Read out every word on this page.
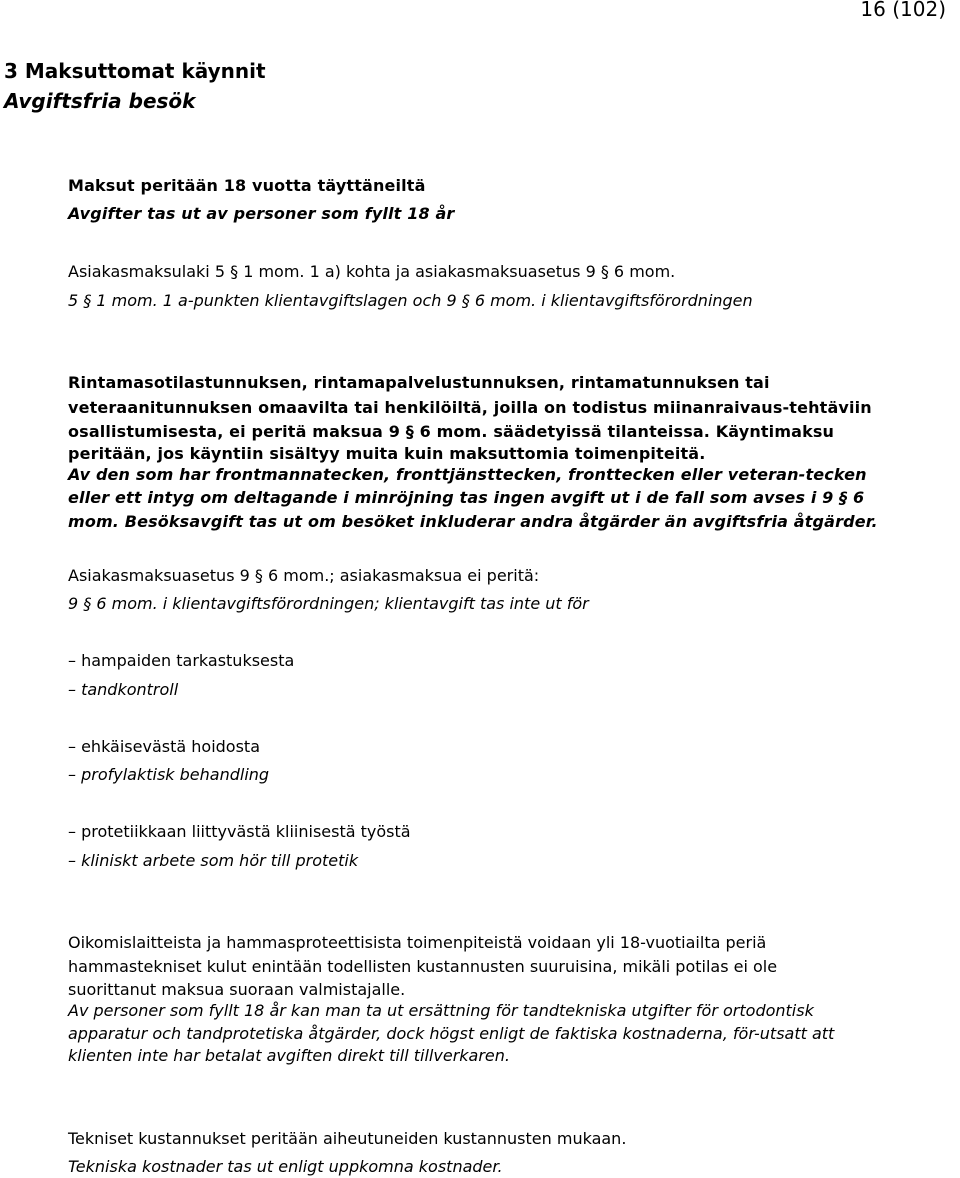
16 (102)
3 Maksuttomat käynnit
Avgiftsfria besök
Maksut peritään 18 vuotta täyttäneiltä
Avgifter tas ut av personer som fyllt 18 år
Asiakasmaksulaki 5 § 1 mom. 1 a) kohta ja asiakasmaksuasetus 9 § 6 mom.
5 § 1 mom. 1 a-punkten klientavgiftslagen och 9 § 6 mom. i klientavgiftsförordningen
Rintamasotilastunnuksen, rintamapalvelustunnuksen, rintamatunnuksen tai
veteraanitunnuksen omaavilta tai henkilöiltä, joilla on todistus miinanraivaus-tehtäviin
osallistumisesta, ei peritä maksua 9 § 6 mom. säädetyissä tilanteissa. Käyntimaksu
peritään, jos käyntiin sisältyy muita kuin maksuttomia toimenpiteitä.
Av den som har frontmannatecken, fronttjänsttecken, fronttecken eller veteran-tecken
eller ett intyg om deltagande i minröjning tas ingen avgift ut i de fall som avses i 9 § 6
mom. Besöksavgift tas ut om besöket inkluderar andra åtgärder än avgiftsfria åtgärder.
Asiakasmaksuasetus 9 § 6 mom.; asiakasmaksua ei peritä:
9 § 6 mom. i klientavgiftsförordningen; klientavgift tas inte ut för
– hampaiden tarkastuksesta
– tandkontroll
– ehkäisevästä hoidosta
– profylaktisk behandling
– protetiikkaan liittyvästä kliinisestä työstä
– kliniskt arbete som hör till protetik
Oikomislaitteista ja hammasproteettisista toimenpiteistä voidaan yli 18-vuotiailta periä
hammastekniset kulut enintään todellisten kustannusten suuruisina, mikäli potilas ei ole
suorittanut maksua suoraan valmistajalle.
Av personer som fyllt 18 år kan man ta ut ersättning för tandtekniska utgifter för ortodontisk
apparatur och tandprotetiska åtgärder, dock högst enligt de faktiska kostnaderna, för-utsatt att
klienten inte har betalat avgiften direkt till tillverkaren.
Tekniset kustannukset peritään aiheutuneiden kustannusten mukaan.
Tekniska kostnader tas ut enligt uppkomna kostnader.
